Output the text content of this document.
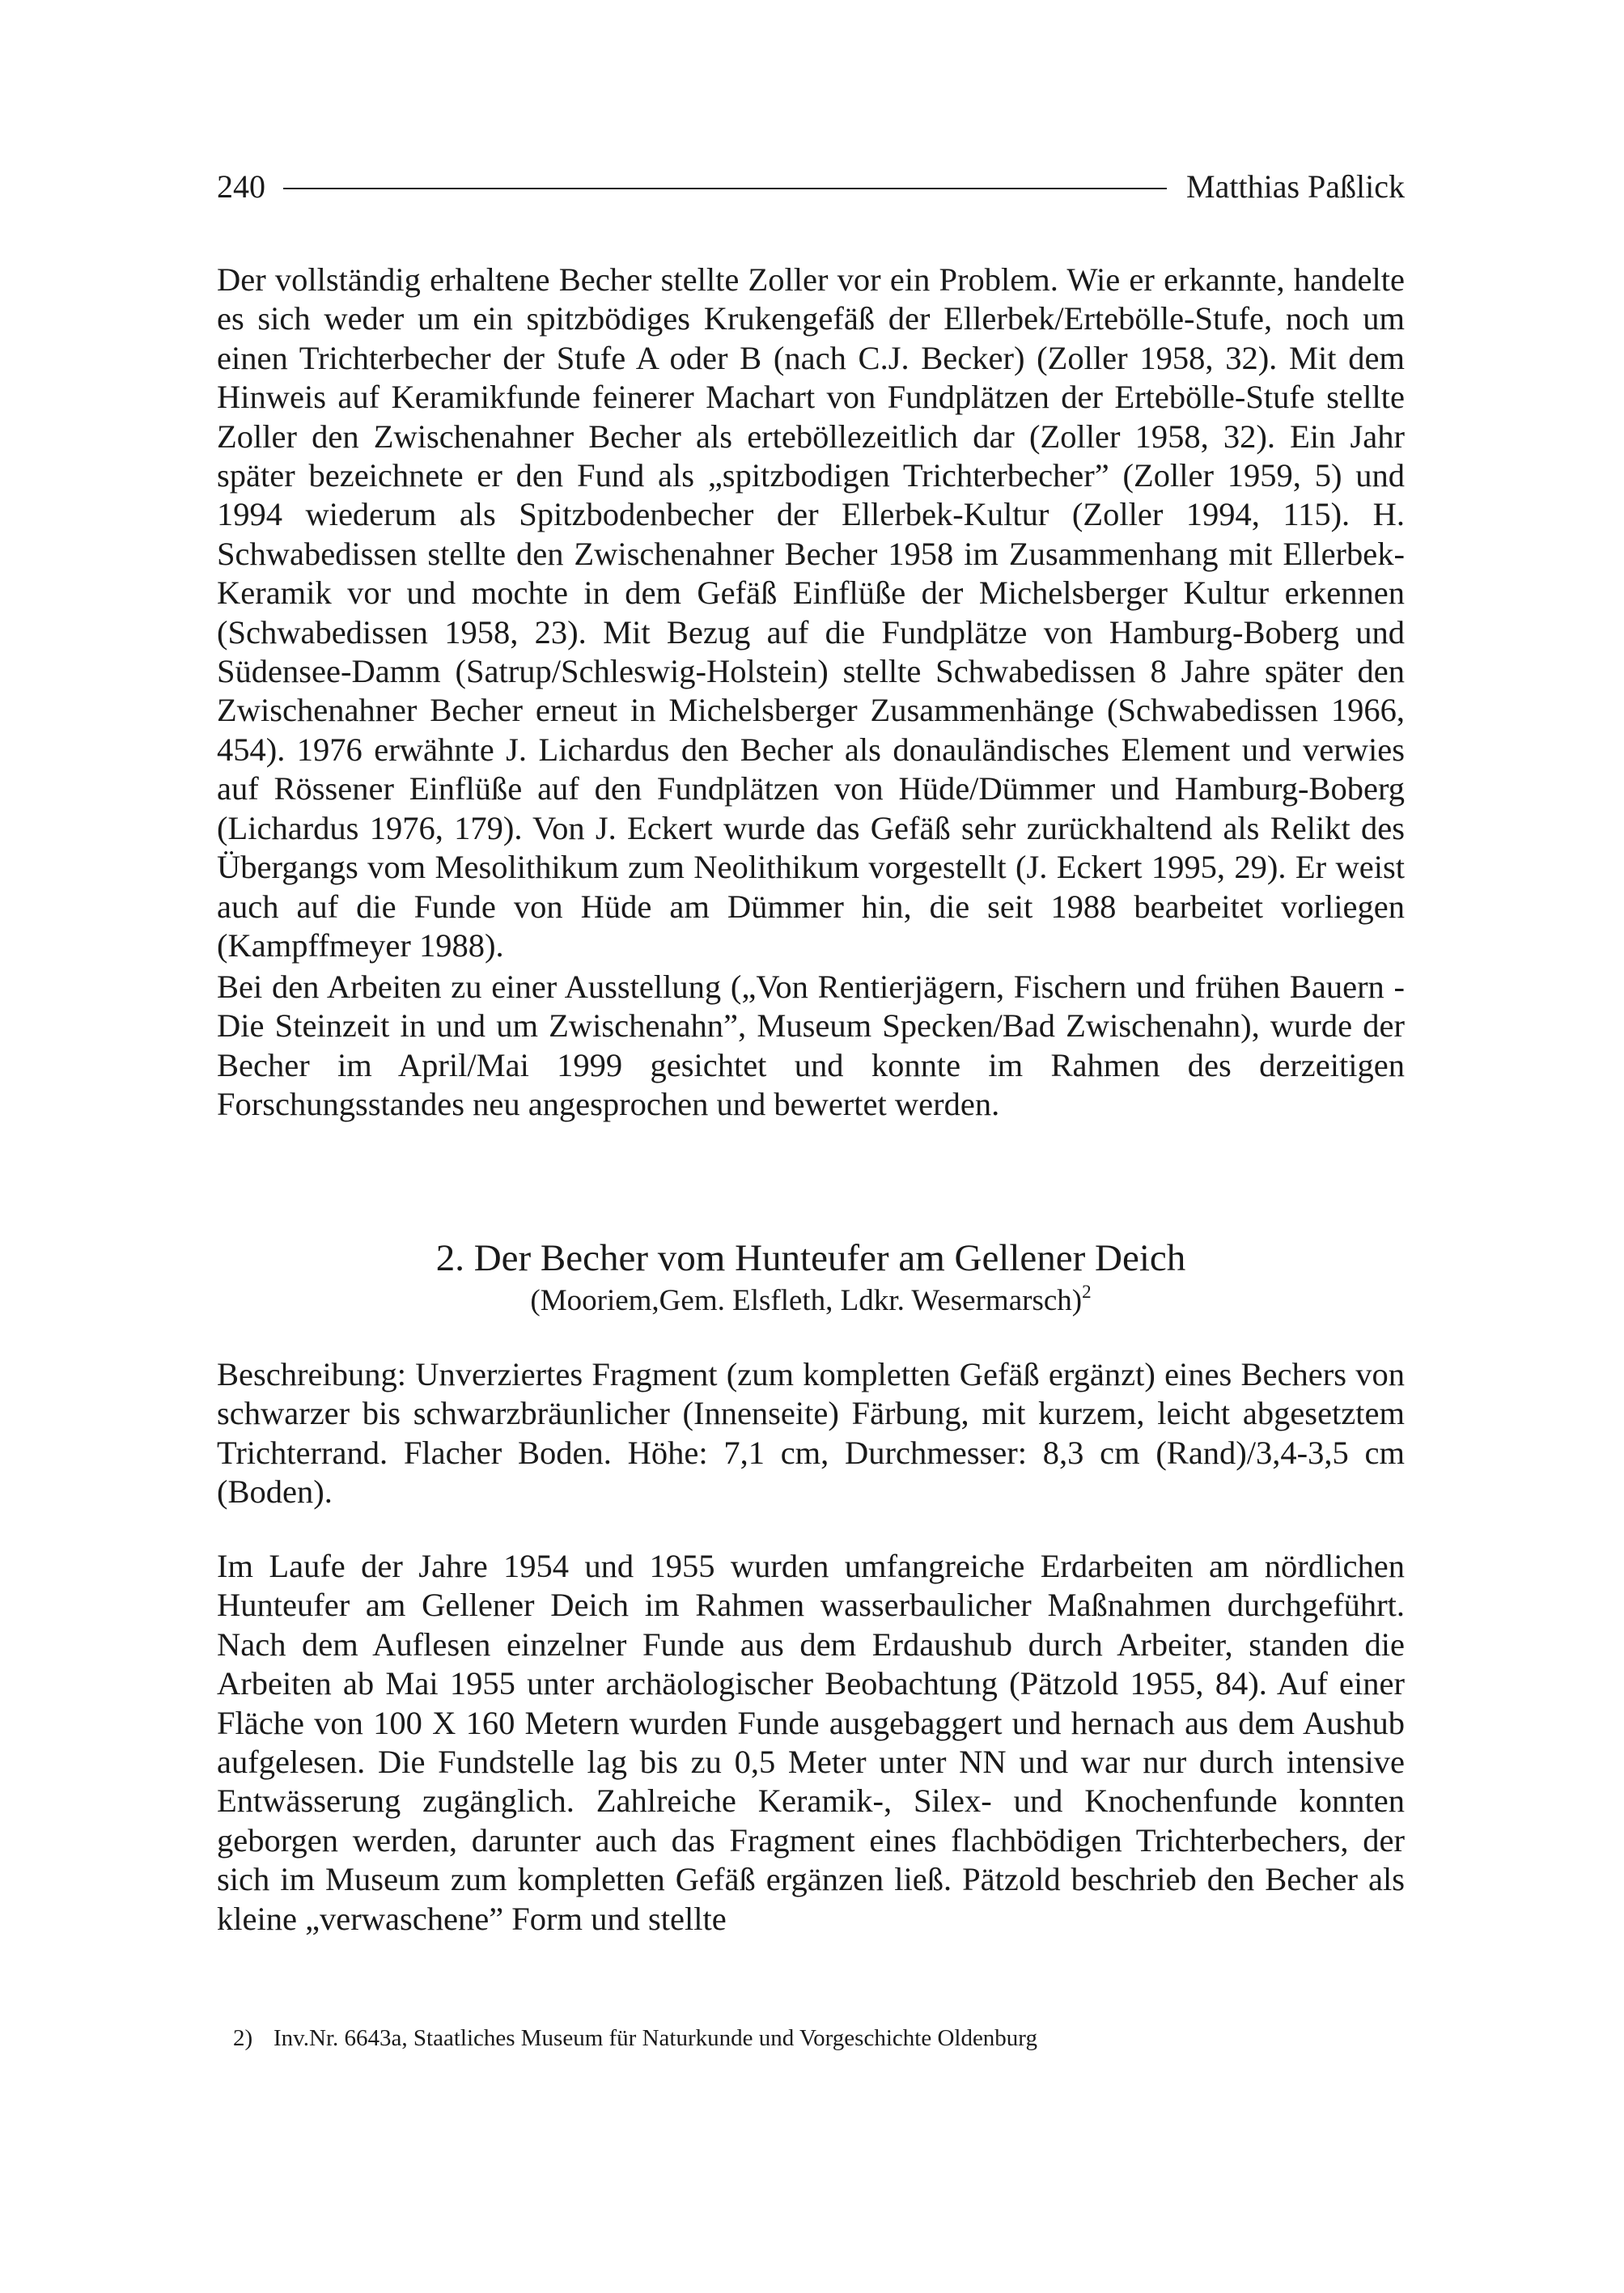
240	Matthias Paßlick

Der vollständig erhaltene Becher stellte Zoller vor ein Problem. Wie er erkannte, handelte es sich weder um ein spitzbödiges Krukengefäß der Ellerbek/Ertebölle-Stufe, noch um einen Trichterbecher der Stufe A oder B (nach C.J. Becker) (Zoller 1958, 32). Mit dem Hinweis auf Keramikfunde feinerer Machart von Fundplätzen der Ertebölle-Stufe stellte Zoller den Zwischenahner Becher als erteböllezeitlich dar (Zoller 1958, 32). Ein Jahr später bezeichnete er den Fund als „spitzbodigen Trichterbecher” (Zoller 1959, 5) und 1994 wiederum als Spitzbodenbecher der Ellerbek-Kultur (Zoller 1994, 115). H. Schwabedissen stellte den Zwischenahner Becher 1958 im Zusammenhang mit Ellerbek-Keramik vor und mochte in dem Gefäß Einflüße der Michelsberger Kultur erkennen (Schwabedissen 1958, 23). Mit Bezug auf die Fundplätze von Hamburg-Boberg und Südensee-Damm (Satrup/Schleswig-Holstein) stellte Schwabedissen 8 Jahre später den Zwischenahner Becher erneut in Michelsberger Zusammenhänge (Schwabedissen 1966, 454). 1976 erwähnte J. Lichardus den Becher als donauländisches Element und verwies auf Rössener Einflüße auf den Fundplätzen von Hüde/Dümmer und Hamburg-Boberg (Lichardus 1976, 179). Von J. Eckert wurde das Gefäß sehr zurückhaltend als Relikt des Übergangs vom Mesolithikum zum Neolithikum vorgestellt (J. Eckert 1995, 29). Er weist auch auf die Funde von Hüde am Dümmer hin, die seit 1988 bearbeitet vorliegen (Kampffmeyer 1988).

Bei den Arbeiten zu einer Ausstellung („Von Rentierjägern, Fischern und frühen Bauern - Die Steinzeit in und um Zwischenahn”, Museum Specken/Bad Zwischenahn), wurde der Becher im April/Mai 1999 gesichtet und konnte im Rahmen des derzeitigen Forschungsstandes neu angesprochen und bewertet werden.

2. Der Becher vom Hunteufer am Gellener Deich
(Mooriem,Gem. Elsfleth, Ldkr. Wesermarsch)$^2$

Beschreibung: Unverziertes Fragment (zum kompletten Gefäß ergänzt) eines Bechers von schwarzer bis schwarzbräunlicher (Innenseite) Färbung, mit kurzem, leicht abgesetztem Trichterrand. Flacher Boden. Höhe: 7,1 cm, Durchmesser: 8,3 cm (Rand)/3,4-3,5 cm (Boden).

Im Laufe der Jahre 1954 und 1955 wurden umfangreiche Erdarbeiten am nördlichen Hunteufer am Gellener Deich im Rahmen wasserbaulicher Maßnahmen durchgeführt. Nach dem Auflesen einzelner Funde aus dem Erdaushub durch Arbeiter, standen die Arbeiten ab Mai 1955 unter archäologischer Beobachtung (Pätzold 1955, 84). Auf einer Fläche von 100 X 160 Metern wurden Funde ausgebaggert und hernach aus dem Aushub aufgelesen. Die Fundstelle lag bis zu 0,5 Meter unter NN und war nur durch intensive Entwässerung zugänglich. Zahlreiche Keramik-, Silex- und Knochenfunde konnten geborgen werden, darunter auch das Fragment eines flachbödigen Trichterbechers, der sich im Museum zum kompletten Gefäß ergänzen ließ. Pätzold beschrieb den Becher als kleine „verwaschene” Form und stellte

2) Inv.Nr. 6643a, Staatliches Museum für Naturkunde und Vorgeschichte Oldenburg
